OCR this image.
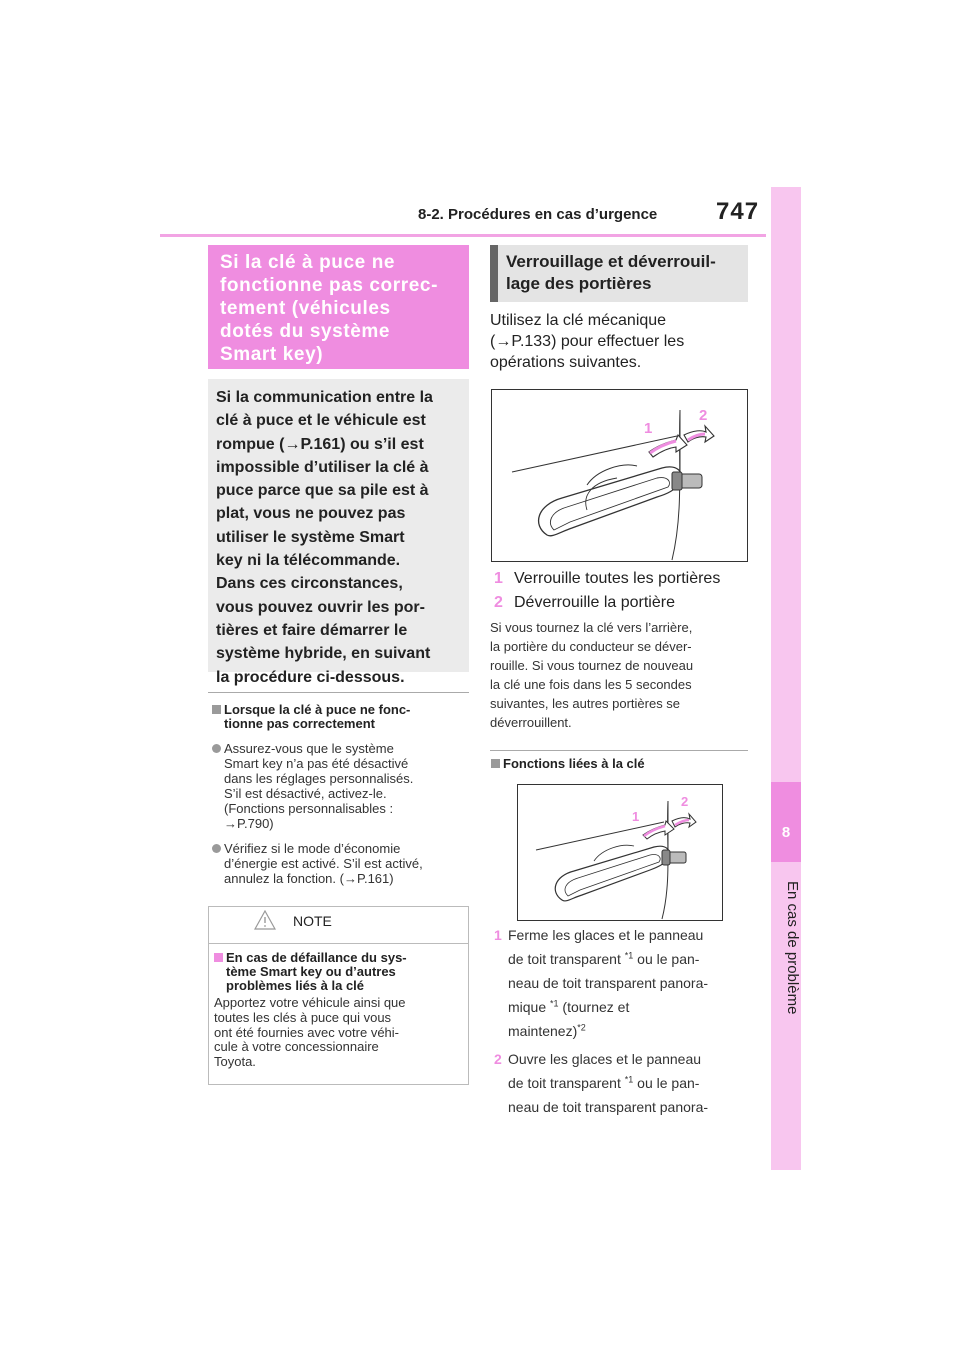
8-2. Procédures en cas d’urgence 747
8
En cas de problème
Si la clé à puce ne
fonctionne pas correc-
tement (véhicules
dotés du système
Smart key)
Si la communication entre la
clé à puce et le véhicule est
rompue (→P.161) ou s’il est
impossible d’utiliser la clé à
puce parce que sa pile est à
plat, vous ne pouvez pas
utiliser le système Smart
key ni la télécommande.
Dans ces circonstances,
vous pouvez ouvrir les por-
tières et faire démarrer le
système hybride, en suivant
la procédure ci-dessous.
Lorsque la clé à puce ne fonc-
tionne pas correctement
Assurez-vous que le système
Smart key n’a pas été désactivé
dans les réglages personnalisés.
S’il est désactivé, activez-le.
(Fonctions personnalisables :
→P.790)
Vérifiez si le mode d’économie
d’énergie est activé. S’il est activé,
annulez la fonction. (→P.161)
NOTE
En cas de défaillance du sys-
tème Smart key ou d’autres
problèmes liés à la clé
Apportez votre véhicule ainsi que
toutes les clés à puce qui vous
ont été fournies avec votre véhi-
cule à votre concessionnaire
Toyota.
Verrouillage et déverrouil-
lage des portières
Utilisez la clé mécanique
(→P.133) pour effectuer les
opérations suivantes.
1
2
1 Verrouille toutes les portières
2 Déverrouille la portière
Si vous tournez la clé vers l’arrière,
la portière du conducteur se déver-
rouille. Si vous tournez de nouveau
la clé une fois dans les 5 secondes
suivantes, les autres portières se
déverrouillent.
Fonctions liées à la clé
1
2
1 Ferme les glaces et le panneau
de toit transparent $^{*1}$ ou le pan-
neau de toit transparent panora-
mique $^{*1}$ (tournez et
maintenez)$^{*2}$
2 Ouvre les glaces et le panneau
de toit transparent $^{*1}$ ou le pan-
neau de toit transparent panora-
